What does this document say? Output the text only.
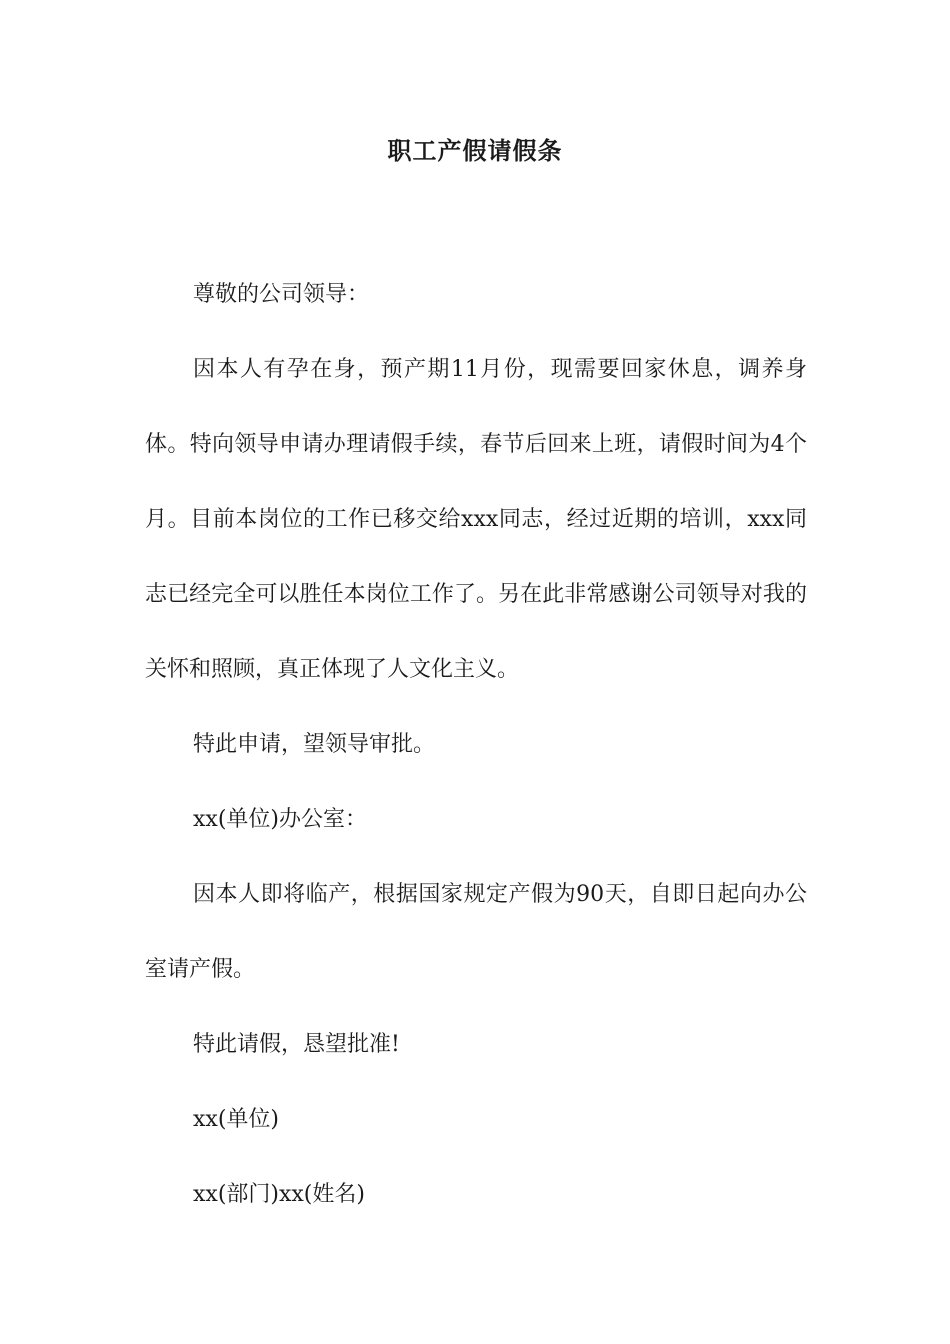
职工产假请假条

尊敬的公司领导：

因本人有孕在身，预产期11月份，现需要回家休息，调养身体。特向领导申请办理请假手续，春节后回来上班，请假时间为4个月。目前本岗位的工作已移交给xxx同志，经过近期的培训，xxx同志已经完全可以胜任本岗位工作了。另在此非常感谢公司领导对我的关怀和照顾，真正体现了人文化主义。

特此申请，望领导审批。

xx(单位)办公室：

因本人即将临产，根据国家规定产假为90天，自即日起向办公室请产假。

特此请假，恳望批准!

xx(单位)

xx(部门)xx(姓名)
